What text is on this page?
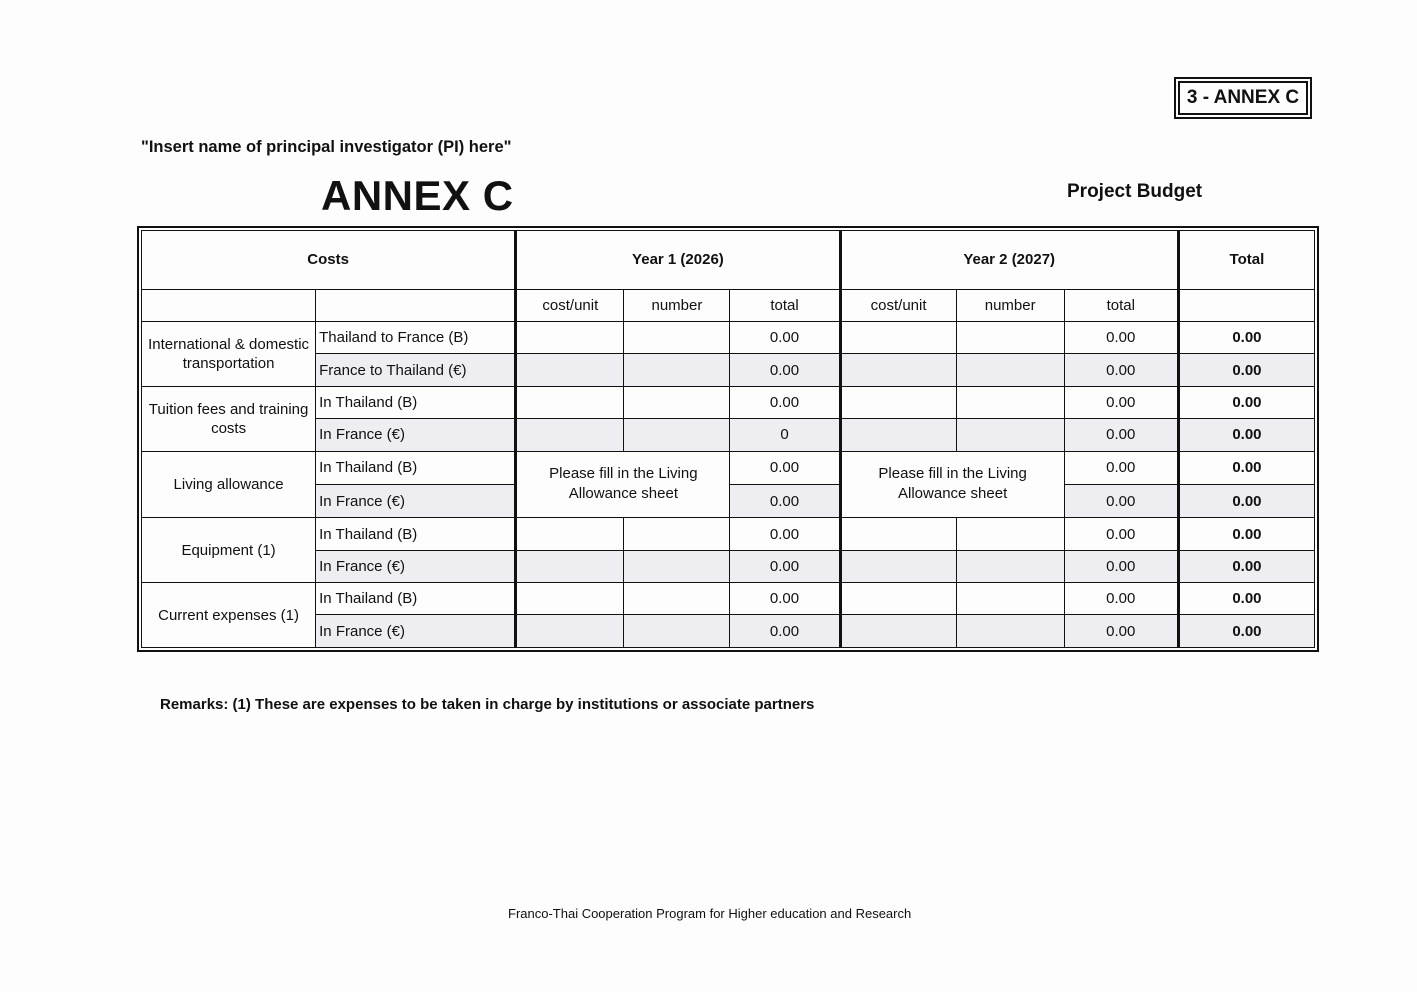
3 - ANNEX C
"Insert name of principal investigator (PI) here"
ANNEX C	Project Budget
Costs		Year 1 (2026)			Year 2 (2027)			Total
		cost/unit	number	total	cost/unit	number	total	
International & domestic transportation	Thailand to France (B)			0.00			0.00	0.00
	France to Thailand (€)			0.00			0.00	0.00
Tuition fees and training costs	In Thailand (B)			0.00			0.00	0.00
	In France (€)			0			0.00	0.00
Living allowance	In Thailand (B)	Please fill in the Living Allowance sheet		0.00	Please fill in the Living Allowance sheet		0.00	0.00
	In France (€)			0.00			0.00	0.00
Equipment (1)	In Thailand (B)			0.00			0.00	0.00
	In France (€)			0.00			0.00	0.00
Current expenses (1)	In Thailand (B)			0.00			0.00	0.00
	In France (€)			0.00			0.00	0.00
Remarks: (1) These are expenses to be taken in charge by institutions or associate partners
Franco-Thai Cooperation Program for Higher education and Research
